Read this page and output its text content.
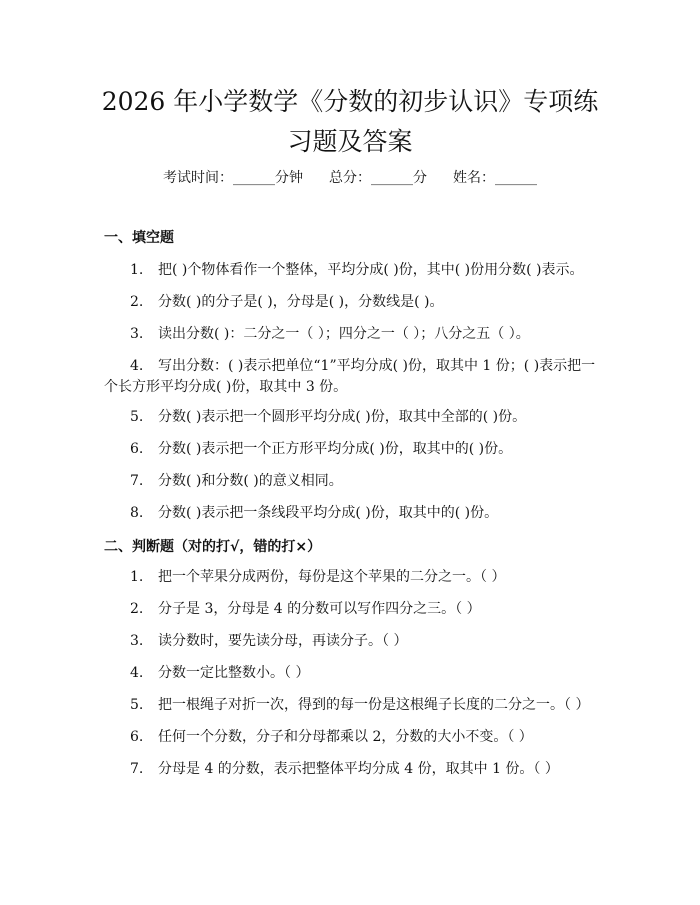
2026 年小学数学《分数的初步认识》专项练
习题及答案
考试时间：______分钟 总分：______分 姓名：______
一、填空题

1. 把( )个物体看作一个整体，平均分成( )份，其中( )份用分数( )表示。

2. 分数( )的分子是( )，分母是( )，分数线是( )。

3. 读出分数( )：二分之一（ ）；四分之一（ ）；八分之五（ ）。

4. 写出分数：( )表示把单位“1”平均分成( )份，取其中 1 份；( )表示把一个长方形平均分成( )份，取其中 3 份。

5. 分数( )表示把一个圆形平均分成( )份，取其中全部的( )份。

6. 分数( )表示把一个正方形平均分成( )份，取其中的( )份。

7. 分数( )和分数( )的意义相同。

8. 分数( )表示把一条线段平均分成( )份，取其中的( )份。

二、判断题（对的打√，错的打×）

1. 把一个苹果分成两份，每份是这个苹果的二分之一。（ ）

2. 分子是 3，分母是 4 的分数可以写作四分之三。（ ）

3. 读分数时，要先读分母，再读分子。（ ）

4. 分数一定比整数小。（ ）

5. 把一根绳子对折一次，得到的每一份是这根绳子长度的二分之一。（ ）

6. 任何一个分数，分子和分母都乘以 2，分数的大小不变。（ ）

7. 分母是 4 的分数，表示把整体平均分成 4 份，取其中 1 份。（ ）
